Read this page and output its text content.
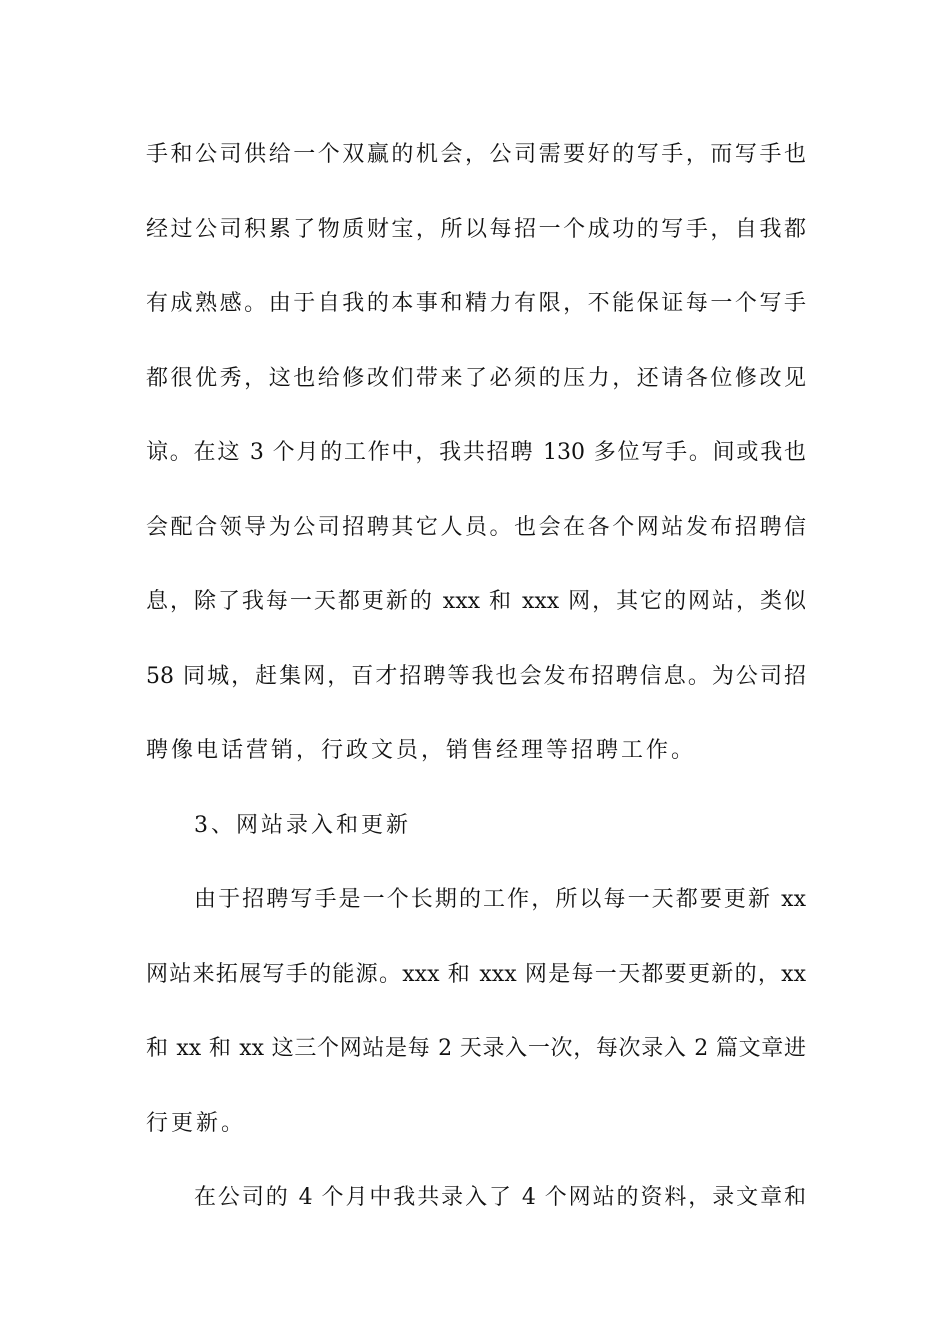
手和公司供给一个双赢的机会，公司需要好的写手，而写手也
经过公司积累了物质财宝，所以每招一个成功的写手，自我都
有成熟感。由于自我的本事和精力有限，不能保证每一个写手
都很优秀，这也给修改们带来了必须的压力，还请各位修改见
谅。在这 3 个月的工作中，我共招聘 130 多位写手。间或我也
会配合领导为公司招聘其它人员。也会在各个网站发布招聘信
息，除了我每一天都更新的 xxx 和 xxx 网，其它的网站，类似
58 同城，赶集网，百才招聘等我也会发布招聘信息。为公司招
聘像电话营销，行政文员，销售经理等招聘工作。
3、网站录入和更新
由于招聘写手是一个长期的工作，所以每一天都要更新 xx
网站来拓展写手的能源。xxx 和 xxx 网是每一天都要更新的，xx
和 xx 和 xx 这三个网站是每 2 天录入一次，每次录入 2 篇文章进
行更新。
在公司的 4 个月中我共录入了 4 个网站的资料，录文章和
